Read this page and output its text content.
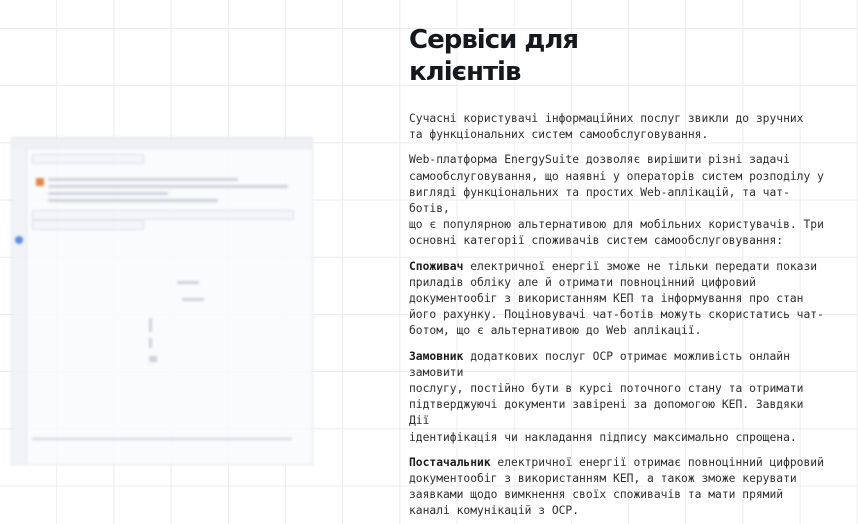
Сервіси для клієнтів

Сучасні користувачі інформаційних послуг звикли до зручних
та функціональних систем самообслуговування.

Web-платформа EnergySuite дозволяє вирішити різні задачі
самообслуговування, що наявні у операторів систем розподілу у
вигляді функціональних та простих Web-аплікацій, та чат-ботів,
що є популярною альтернативою для мобільних користувачів. Три
основні категорії споживачів систем самообслуговування:

Споживач електричної енергії зможе не тільки передати покази
приладів обліку але й отримати повноцінний цифровий
документообіг з використанням КЕП та інформування про стан
його рахунку. Поціновувачі чат-ботів можуть скористатись чат-
ботом, що є альтернативою до Web аплікації.

Замовник додаткових послуг ОСР отримає можливість онлайн замовити
послугу, постійно бути в курсі поточного стану та отримати
підтверджуючі документи завірені за допомогою КЕП. Завдяки Дії
ідентифікація чи накладання підпису максимально спрощена.

Постачальник електричної енергії отримає повноцінний цифровий
документообіг з використанням КЕП, а також зможе керувати
заявками щодо вимкнення своїх споживачів та мати прямий
каналі комунікацій з ОСР.
